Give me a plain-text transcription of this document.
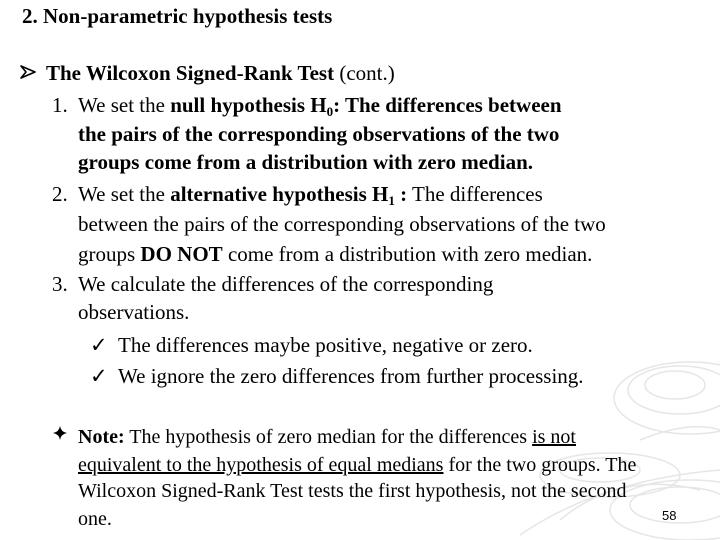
2. Non-parametric hypothesis tests
The Wilcoxon Signed-Rank Test (cont.)
1. We set the null hypothesis $H_0$: The differences between
the pairs of the corresponding observations of the two
groups come from a distribution with zero median.
2. We set the alternative hypothesis $H_1$ : The differences
between the pairs of the corresponding observations of the two
groups DO NOT come from a distribution with zero median.
3. We calculate the differences of the corresponding
observations.
✓ The differences maybe positive, negative or zero.
✓ We ignore the zero differences from further processing.
Note: The hypothesis of zero median for the differences is not
equivalent to the hypothesis of equal medians for the two groups. The
Wilcoxon Signed-Rank Test tests the first hypothesis, not the second
one.	58
